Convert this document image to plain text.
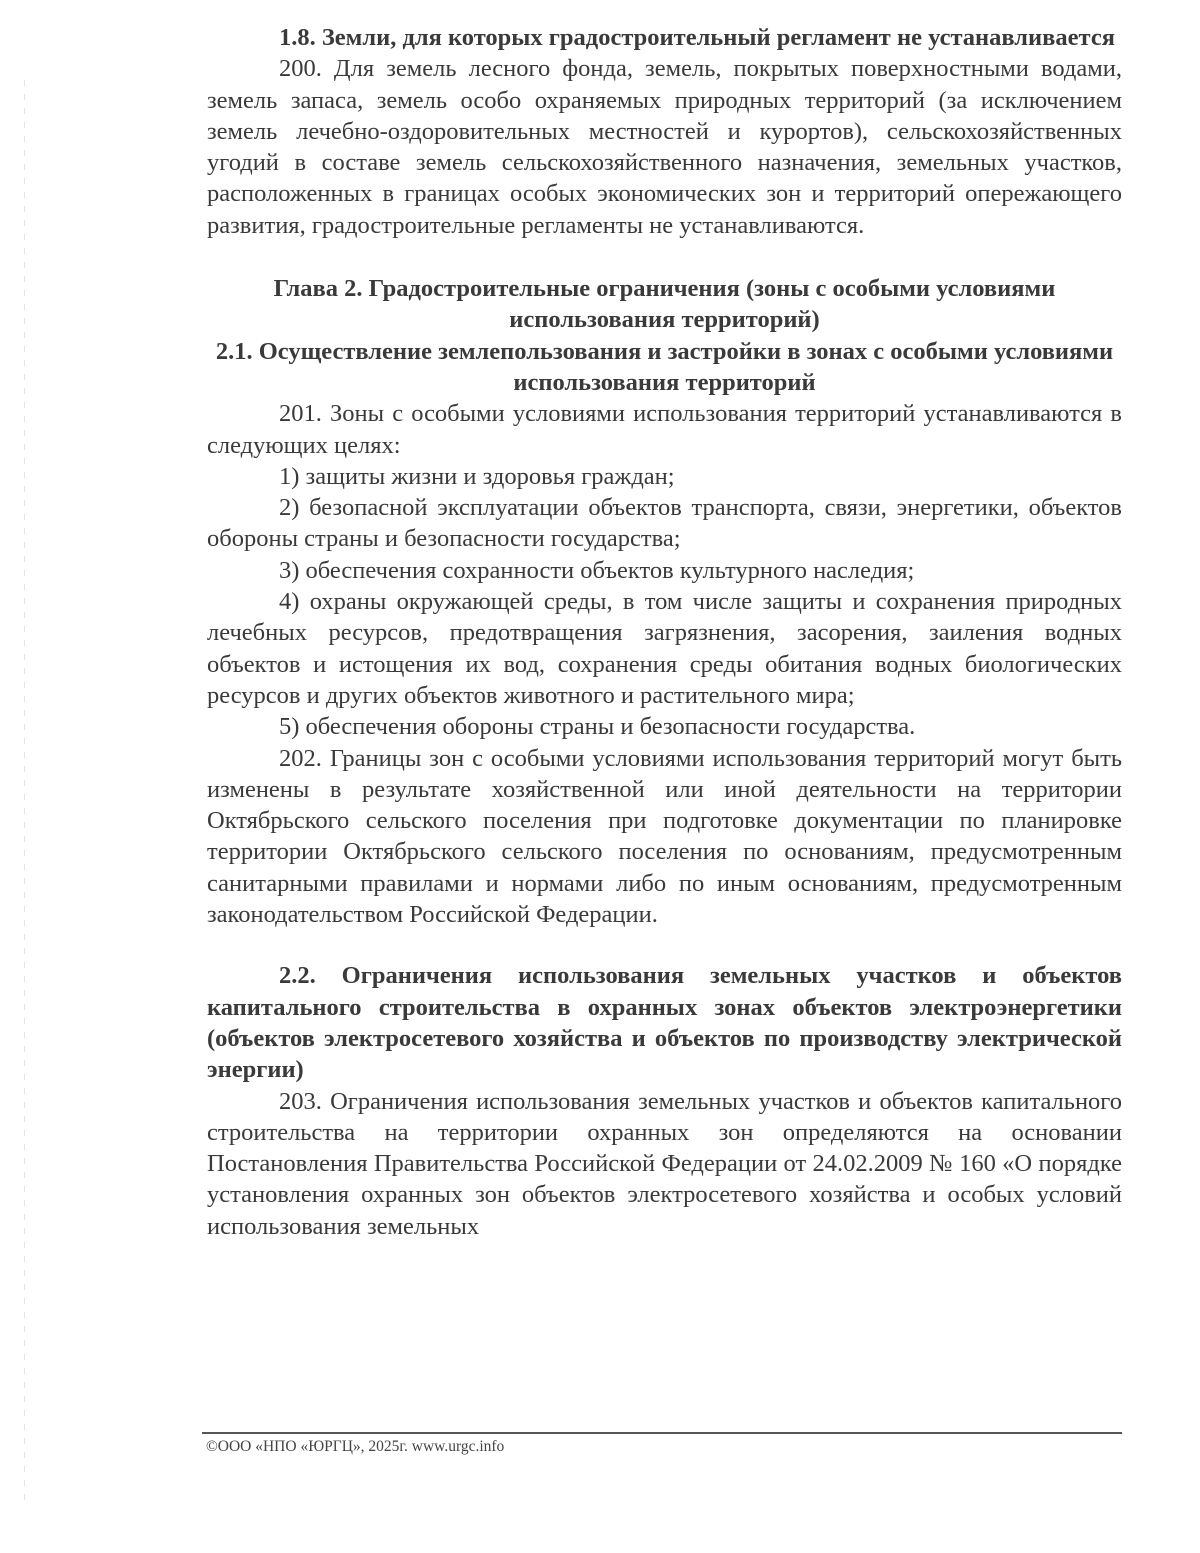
1.8. Земли, для которых градостроительный регламент не устанавливается

200. Для земель лесного фонда, земель, покрытых поверхностными водами, земель запаса, земель особо охраняемых природных территорий (за исключением земель лечебно-оздоровительных местностей и курортов), сельскохозяйственных угодий в составе земель сельскохозяйственного назначения, земельных участков, расположенных в границах особых экономических зон и территорий опережающего развития, градостроительные регламенты не устанавливаются.

Глава 2. Градостроительные ограничения (зоны с особыми условиями использования территорий)
2.1. Осуществление землепользования и застройки в зонах с особыми условиями использования территорий

201. Зоны с особыми условиями использования территорий устанавливаются в следующих целях:

1) защиты жизни и здоровья граждан;
2) безопасной эксплуатации объектов транспорта, связи, энергетики, объектов обороны страны и безопасности государства;
3) обеспечения сохранности объектов культурного наследия;
4) охраны окружающей среды, в том числе защиты и сохранения природных лечебных ресурсов, предотвращения загрязнения, засорения, заиления водных объектов и истощения их вод, сохранения среды обитания водных биологических ресурсов и других объектов животного и растительного мира;
5) обеспечения обороны страны и безопасности государства.

202. Границы зон с особыми условиями использования территорий могут быть изменены в результате хозяйственной или иной деятельности на территории Октябрьского сельского поселения при подготовке документации по планировке территории Октябрьского сельского поселения по основаниям, предусмотренным санитарными правилами и нормами либо по иным основаниям, предусмотренным законодательством Российской Федерации.

2.2. Ограничения использования земельных участков и объектов капитального строительства в охранных зонах объектов электроэнергетики (объектов электросетевого хозяйства и объектов по производству электрической энергии)

203. Ограничения использования земельных участков и объектов капитального строительства на территории охранных зон определяются на основании Постановления Правительства Российской Федерации от 24.02.2009 № 160 «О порядке установления охранных зон объектов электросетевого хозяйства и особых условий использования земельных

©ООО «НПО «ЮРГЦ», 2025г. www.urgc.info
